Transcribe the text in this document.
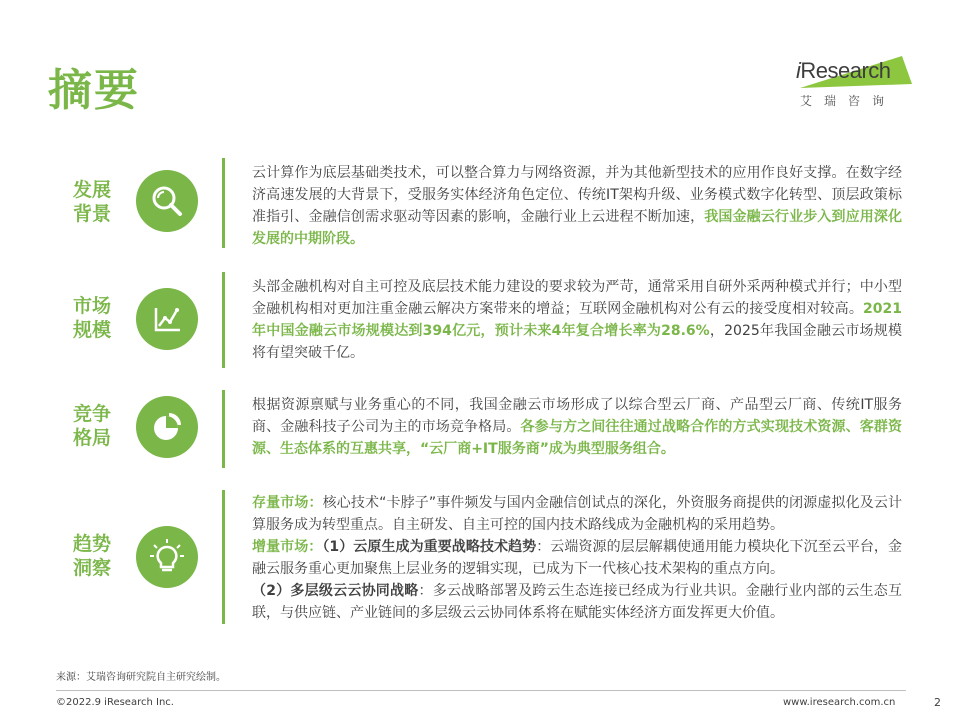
摘要	iResearch
艾瑞咨询
发展
背景
云计算作为底层基础类技术，可以整合算力与网络资源，并为其他新型技术的应用作良好支撑。在数字经济高速发展的大背景下，受服务实体经济角色定位、传统IT架构升级、业务模式数字化转型、顶层政策标准指引、金融信创需求驱动等因素的影响，金融行业上云进程不断加速，我国金融云行业步入到应用深化发展的中期阶段。
市场
规模
头部金融机构对自主可控及底层技术能力建设的要求较为严苛，通常采用自研外采两种模式并行；中小型金融机构相对更加注重金融云解决方案带来的增益；互联网金融机构对公有云的接受度相对较高。2021年中国金融云市场规模达到394亿元，预计未来4年复合增长率为28.6%，2025年我国金融云市场规模将有望突破千亿。
竞争
格局
根据资源禀赋与业务重心的不同，我国金融云市场形成了以综合型云厂商、产品型云厂商、传统IT服务商、金融科技子公司为主的市场竞争格局。各参与方之间往往通过战略合作的方式实现技术资源、客群资源、生态体系的互惠共享，“云厂商+IT服务商”成为典型服务组合。
趋势
洞察
存量市场：核心技术“卡脖子”事件频发与国内金融信创试点的深化，外资服务商提供的闭源虚拟化及云计算服务成为转型重点。自主研发、自主可控的国内技术路线成为金融机构的采用趋势。
增量市场：（1）云原生成为重要战略技术趋势：云端资源的层层解耦使通用能力模块化下沉至云平台，金融云服务重心更加聚焦上层业务的逻辑实现，已成为下一代核心技术架构的重点方向。
（2）多层级云云协同战略：多云战略部署及跨云生态连接已经成为行业共识。金融行业内部的云生态互联，与供应链、产业链间的多层级云云协同体系将在赋能实体经济方面发挥更大价值。
来源：艾瑞咨询研究院自主研究绘制。
©2022.9 iResearch Inc.	www.iresearch.com.cn	2
